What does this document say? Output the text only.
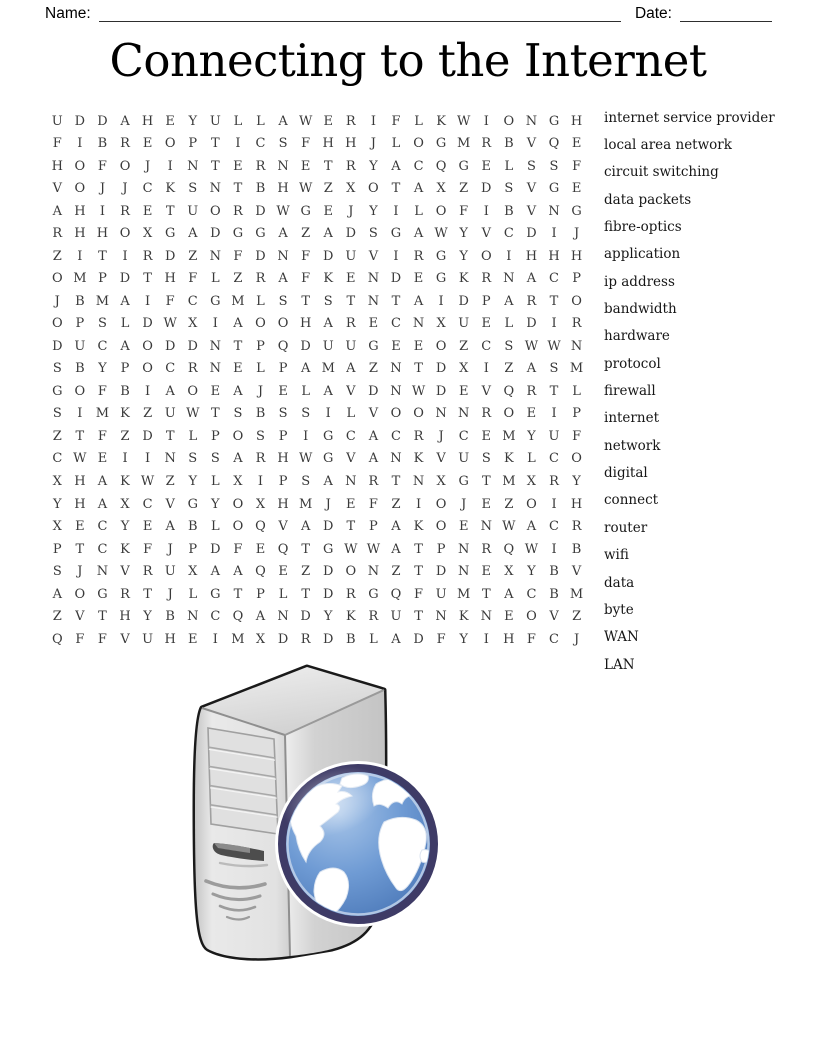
Name:	Date:
Connecting to the Internet
U D D A H E	Y U L	L	A W E R	I	F	L	K W	I	O N G H
F	I	B R E O P	T	I	C	S	F H H	J	L O G M R B	V Q E
H O F O	J	I	N T	E R N E	T	R	Y	A C Q G E	L	S	S	F
V O	J	J	C K	S N T	B H W Z	X O T	A	X	Z D S	V G E
A H	I	R E	T U O R D W G E	J	Y	I	L O F	I	B	V N G
R H H O X G A D G G A	Z	A D S G A W Y	V C D	I	J
Z	I	T	I	R D Z N F D N F D U V	I	R G	Y O	I	H H H
O M P D	T H F	L	Z	R A	F	K E N D E G K R N A C	P
J	B M A	I	F	C G M L	S	T	S	T N T	A	I	D P	A R	T O
O P	S	L	D W X	I	A O O H A R E C N X U E	L	D	I	R
D U C A O D D N T	P Q D U U G E	E O Z	C	S W W N
S	B	Y	P O C R N E	L	P	A M A	Z N T	D X	I	Z	A	S M
G O F	B	I	A O E	A	J	E	L	A	V D N W D E	V Q R	T	L
S	I	M K	Z U W T	S	B	S	S	I	L	V O O N N R O E	I	P
Z	T	F	Z D	T	L	P O S	P	I	G C A C R	J	C E M Y U F
C W E	I	I	N S	S	A R H W G V	A N K	V U S	K	L	C O
X H A	K W Z	Y	L	X	I	P	S	A N R	T N X G	T M X	R	Y
Y H A	X C V G	Y O X H M	J	E	F	Z	I	O	J	E	Z O	I	H
X	E C	Y	E	A	B	L O Q V	A D	T	P	A	K O E N W A C R
P	T	C K	F	J	P D F	E Q T	G W W A	T	P N R Q W	I	B
S	J	N V R U X	A	A Q E	Z D O N Z	T	D N E	X	Y	B	V
A O G R	T	J	L	G	T	P	L	T	D R G Q F U M T	A C B M
Z	V	T H Y	B N C Q A N D	Y	K R U T N K N E O V	Z
Q F	F	V U H E	I	M X D R D B	L	A D F	Y	I	H F	C	J
internet service provider
local area network
circuit switching
data packets
fibre-optics
application
ip address
bandwidth
hardware
protocol
firewall
internet
network
digital
connect
router
wifi
data
byte
WAN
LAN
